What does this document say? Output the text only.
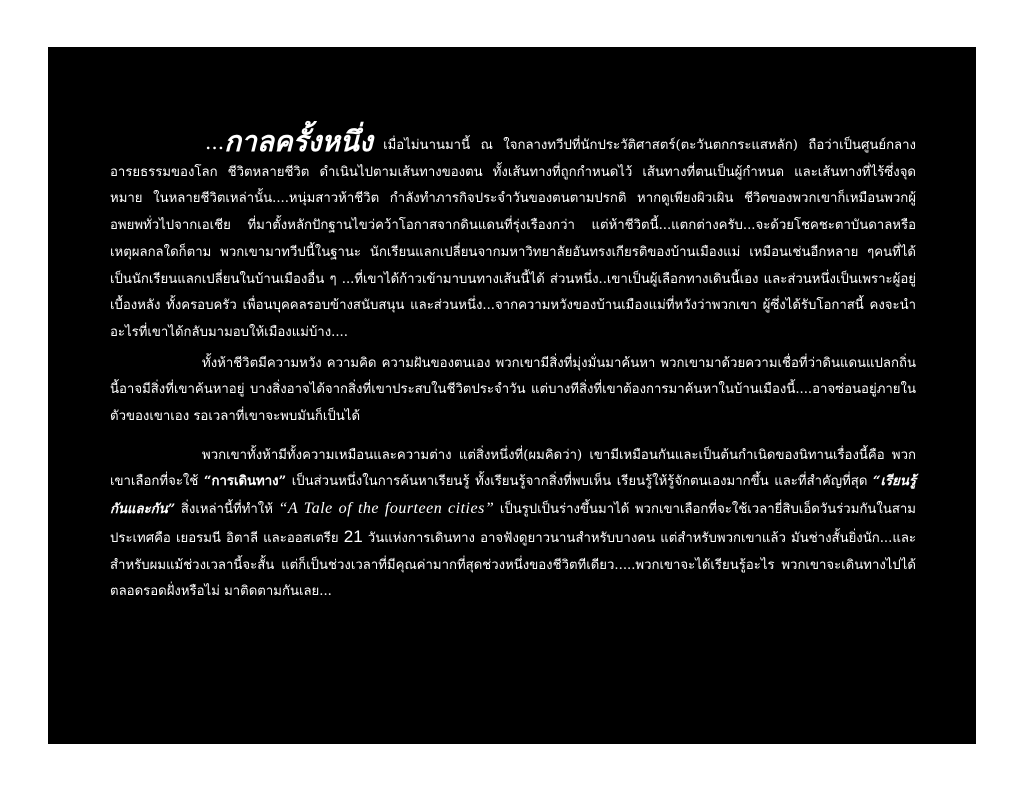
...กาลครั้งหนึ่ง เมื่อไม่นานมานี้ ณ ใจกลางทวีปที่นักประวัติศาสตร์(ตะวันตกกระแสหลัก) ถือว่าเป็นศูนย์กลางอารยธรรมของโลก ชีวิตหลายชีวิต ดำเนินไปตามเส้นทางของตน ทั้งเส้นทางที่ถูกกำหนดไว้ เส้นทางที่ตนเป็นผู้กำหนด และเส้นทางที่ไร้ซึ่งจุดหมาย ในหลายชีวิตเหล่านั้น....หนุ่มสาวห้าชีวิต กำลังทำภารกิจประจำวันของตนตามปรกติ หากดูเพียงผิวเผิน ชีวิตของพวกเขาก็เหมือนพวกผู้อพยพทั่วไปจากเอเชีย ที่มาตั้งหลักปักฐานไขว่คว้าโอกาสจากดินแดนที่รุ่งเรืองกว่า แต่ห้าชีวิตนี้...แตกต่างครับ...จะด้วยโชคชะตาบันดาลหรือเหตุผลกลใดก็ตาม พวกเขามาทวีปนี้ในฐานะ นักเรียนแลกเปลี่ยนจากมหาวิทยาลัยอันทรงเกียรติของบ้านเมืองแม่ เหมือนเช่นอีกหลาย ๆคนที่ได้เป็นนักเรียนแลกเปลี่ยนในบ้านเมืองอื่น ๆ ...ที่เขาได้ก้าวเข้ามาบนทางเส้นนี้ได้ ส่วนหนึ่ง..เขาเป็นผู้เลือกทางเดินนี้เอง และส่วนหนึ่งเป็นเพราะผู้อยู่เบื้องหลัง ทั้งครอบครัว เพื่อนบุคคลรอบข้างสนับสนุน และส่วนหนึ่ง...จากความหวังของบ้านเมืองแม่ที่หวังว่าพวกเขา ผู้ซึ่งได้รับโอกาสนี้ คงจะนำอะไรที่เขาได้กลับมามอบให้เมืองแม่บ้าง....

ทั้งห้าชีวิตมีความหวัง ความคิด ความฝันของตนเอง พวกเขามีสิ่งที่มุ่งมั่นมาค้นหา พวกเขามาด้วยความเชื่อที่ว่าดินแดนแปลกถิ่นนี้อาจมีสิ่งที่เขาค้นหาอยู่ บางสิ่งอาจได้จากสิ่งที่เขาประสบในชีวิตประจำวัน แต่บางทีสิ่งที่เขาต้องการมาค้นหาในบ้านเมืองนี้....อาจซ่อนอยู่ภายในตัวของเขาเอง รอเวลาที่เขาจะพบมันก็เป็นได้

พวกเขาทั้งห้ามีทั้งความเหมือนและความต่าง แต่สิ่งหนึ่งที่(ผมคิดว่า) เขามีเหมือนกันและเป็นต้นกำเนิดของนิทานเรื่องนี้คือ พวกเขาเลือกที่จะใช้ “การเดินทาง” เป็นส่วนหนึ่งในการค้นหาเรียนรู้ ทั้งเรียนรู้จากสิ่งที่พบเห็น เรียนรู้ให้รู้จักตนเองมากขึ้น และที่สำคัญที่สุด “เรียนรู้กันและกัน” สิ่งเหล่านี้ที่ทำให้ “A Tale of the fourteen cities” เป็นรูปเป็นร่างขึ้นมาได้ พวกเขาเลือกที่จะใช้เวลายี่สิบเอ็ดวันร่วมกันในสามประเทศคือ เยอรมนี อิตาลี และออสเตรีย 21 วันแห่งการเดินทาง อาจฟังดูยาวนานสำหรับบางคน แต่สำหรับพวกเขาแล้ว มันช่างสั้นยิ่งนัก...และสำหรับผมแม้ช่วงเวลานี้จะสั้น แต่ก็เป็นช่วงเวลาที่มีคุณค่ามากที่สุดช่วงหนึ่งของชีวิตทีเดียว.....พวกเขาจะได้เรียนรู้อะไร พวกเขาจะเดินทางไปได้ตลอดรอดฝั่งหรือไม่ มาติดตามกันเลย...
